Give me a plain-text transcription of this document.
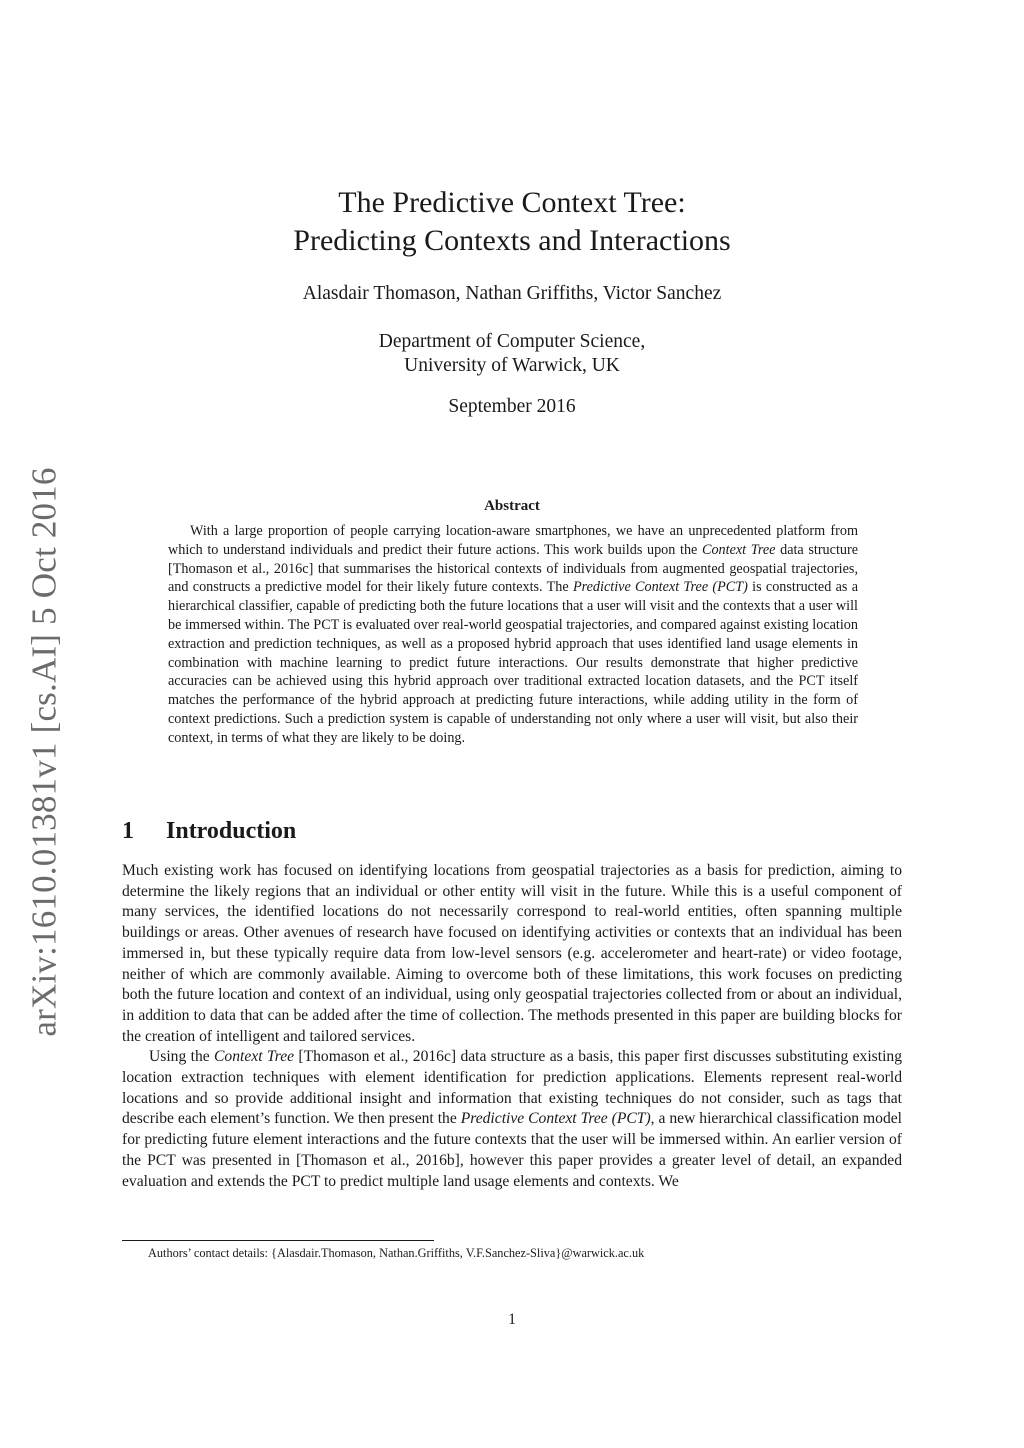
arXiv:1610.01381v1 [cs.AI] 5 Oct 2016
The Predictive Context Tree:
Predicting Contexts and Interactions
Alasdair Thomason, Nathan Griffiths, Victor Sanchez
Department of Computer Science,
University of Warwick, UK
September 2016
Abstract
With a large proportion of people carrying location-aware smartphones, we have an unprecedented platform from which to understand individuals and predict their future actions. This work builds upon the Context Tree data structure [Thomason et al., 2016c] that summarises the historical contexts of individuals from augmented geospatial trajectories, and constructs a predictive model for their likely future contexts. The Predictive Context Tree (PCT) is constructed as a hierarchical classifier, capable of predicting both the future locations that a user will visit and the contexts that a user will be immersed within. The PCT is evaluated over real-world geospatial trajectories, and compared against existing location extraction and prediction techniques, as well as a proposed hybrid approach that uses identified land usage elements in combination with machine learning to predict future interactions. Our results demonstrate that higher predictive accuracies can be achieved using this hybrid approach over traditional extracted location datasets, and the PCT itself matches the performance of the hybrid approach at predicting future interactions, while adding utility in the form of context predictions. Such a prediction system is capable of understanding not only where a user will visit, but also their context, in terms of what they are likely to be doing.
1 Introduction

Much existing work has focused on identifying locations from geospatial trajectories as a basis for prediction, aiming to determine the likely regions that an individual or other entity will visit in the future. While this is a useful component of many services, the identified locations do not necessarily correspond to real-world entities, often spanning multiple buildings or areas. Other avenues of research have focused on identifying activities or contexts that an individual has been immersed in, but these typically require data from low-level sensors (e.g. accelerometer and heart-rate) or video footage, neither of which are commonly available. Aiming to overcome both of these limitations, this work focuses on predicting both the future location and context of an individual, using only geospatial trajectories collected from or about an individual, in addition to data that can be added after the time of collection. The methods presented in this paper are building blocks for the creation of intelligent and tailored services.

Using the Context Tree [Thomason et al., 2016c] data structure as a basis, this paper first discusses substituting existing location extraction techniques with element identification for prediction applications. Elements represent real-world locations and so provide additional insight and information that existing techniques do not consider, such as tags that describe each element’s function. We then present the Predictive Context Tree (PCT), a new hierarchical classification model for predicting future element interactions and the future contexts that the user will be immersed within. An earlier version of the PCT was presented in [Thomason et al., 2016b], however this paper provides a greater level of detail, an expanded evaluation and extends the PCT to predict multiple land usage elements and contexts. We

Authors’ contact details: {Alasdair.Thomason, Nathan.Griffiths, V.F.Sanchez-Sliva}@warwick.ac.uk
1
